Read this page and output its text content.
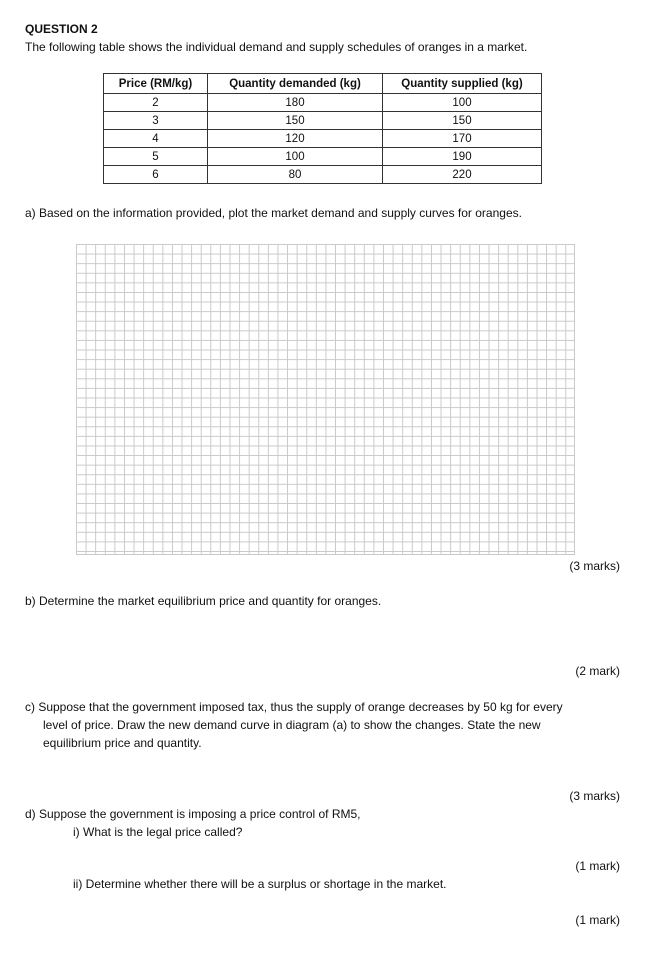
QUESTION 2
The following table shows the individual demand and supply schedules of oranges in a market.
Price (RM/kg)	Quantity demanded (kg)	Quantity supplied (kg)
2	180	100
3	150	150
4	120	170
5	100	190
6	80	220
a) Based on the information provided, plot the market demand and supply curves for oranges.
(3 marks)
b) Determine the market equilibrium price and quantity for oranges.
(2 mark)
c) Suppose that the government imposed tax, thus the supply of orange decreases by 50 kg for every
level of price. Draw the new demand curve in diagram (a) to show the changes. State the new
equilibrium price and quantity.
(3 marks)
d) Suppose the government is imposing a price control of RM5,
i) What is the legal price called?
(1 mark)
ii) Determine whether there will be a surplus or shortage in the market.
(1 mark)
